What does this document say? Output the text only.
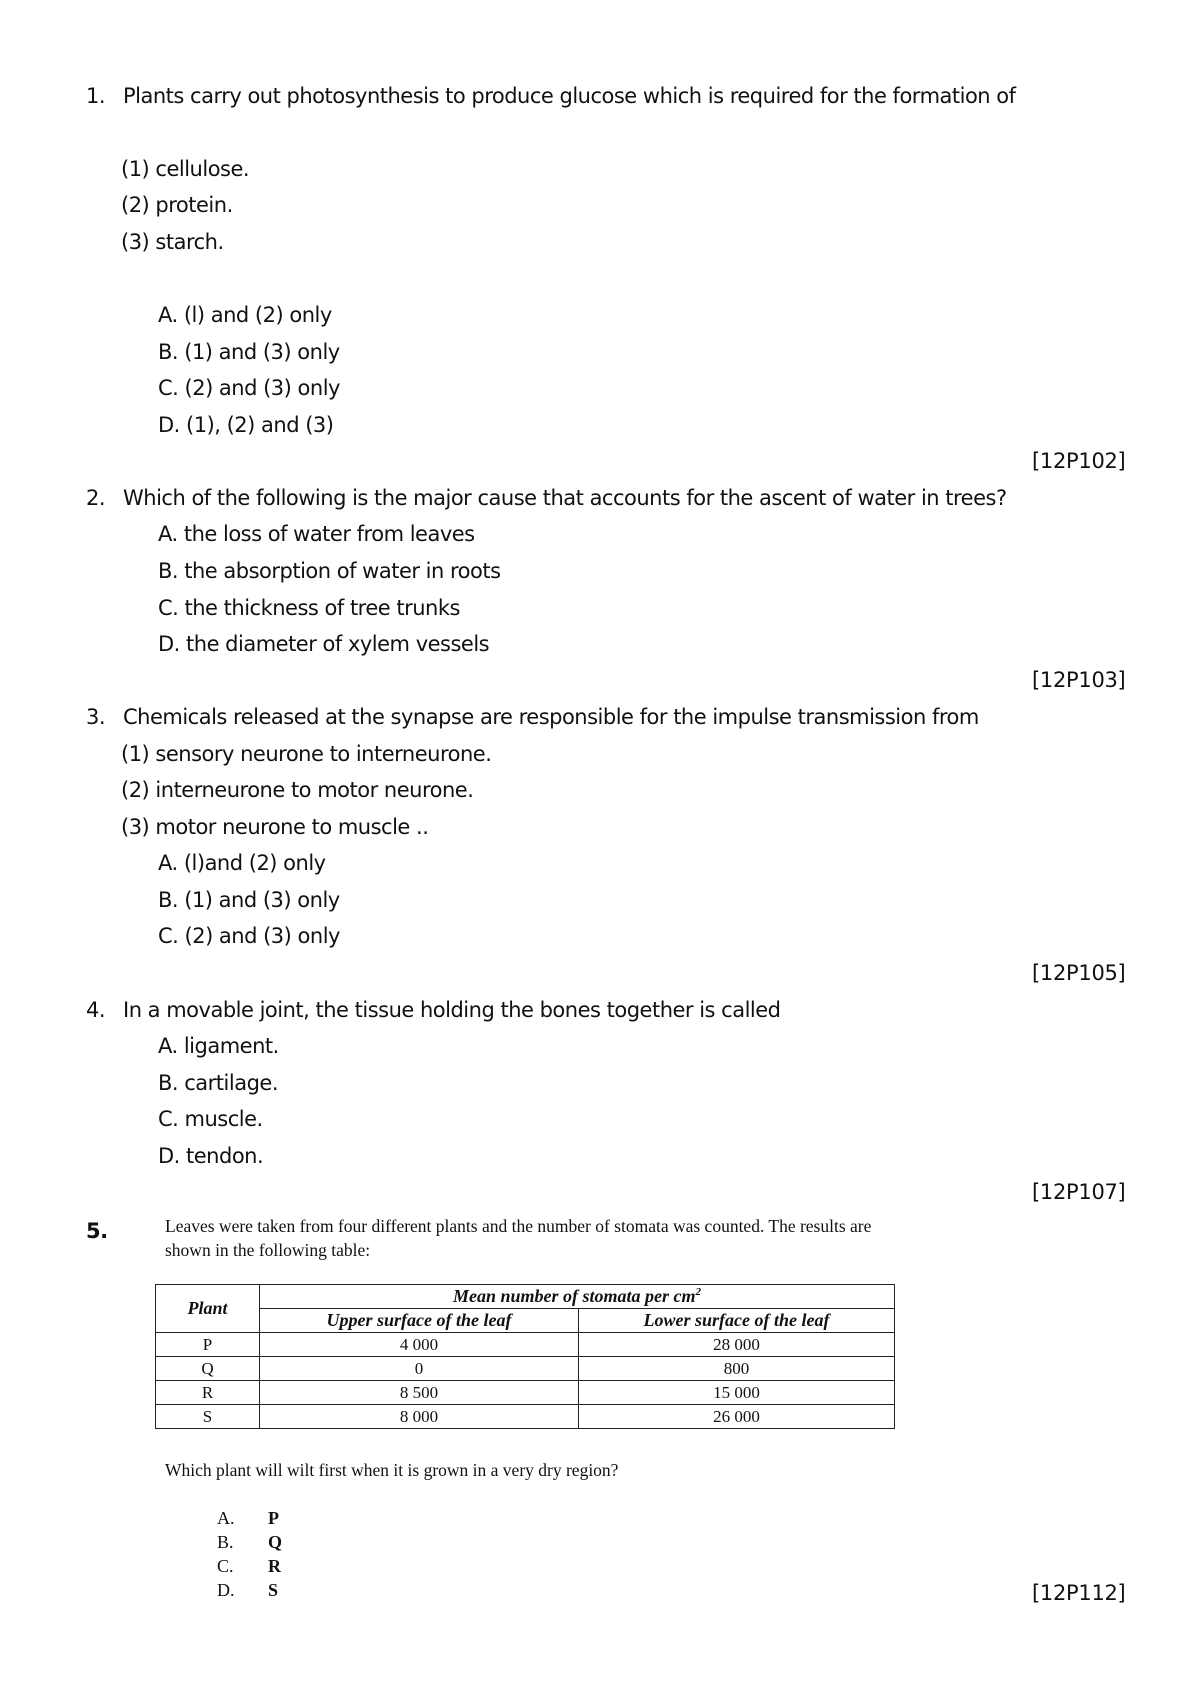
1. Plants carry out photosynthesis to produce glucose which is required for the formation of
(1) cellulose.
(2) protein.
(3) starch.
A. (l) and (2) only
B. (1) and (3) only
C. (2) and (3) only
D. (1), (2) and (3)
[12P102]
2. Which of the following is the major cause that accounts for the ascent of water in trees?
A. the loss of water from leaves
B. the absorption of water in roots
C. the thickness of tree trunks
D. the diameter of xylem vessels
[12P103]
3. Chemicals released at the synapse are responsible for the impulse transmission from
(1) sensory neurone to interneurone.
(2) interneurone to motor neurone.
(3) motor neurone to muscle ..
A. (l)and (2) only
B. (1) and (3) only
C. (2) and (3) only
[12P105]
4. In a movable joint, the tissue holding the bones together is called
A. ligament.
B. cartilage.
C. muscle.
D. tendon.
[12P107]
5.	Leaves were taken from four different plants and the number of stomata was counted. The results are
shown in the following table:
Plant	Mean number of stomata per $cm^2$
	Upper surface of the leaf	Lower surface of the leaf
P	4 000	28 000
Q	0	800
R	8 500	15 000
S	8 000	26 000
Which plant will wilt first when it is grown in a very dry region?
A. P
B. Q
C. R
D. S	[12P112]
